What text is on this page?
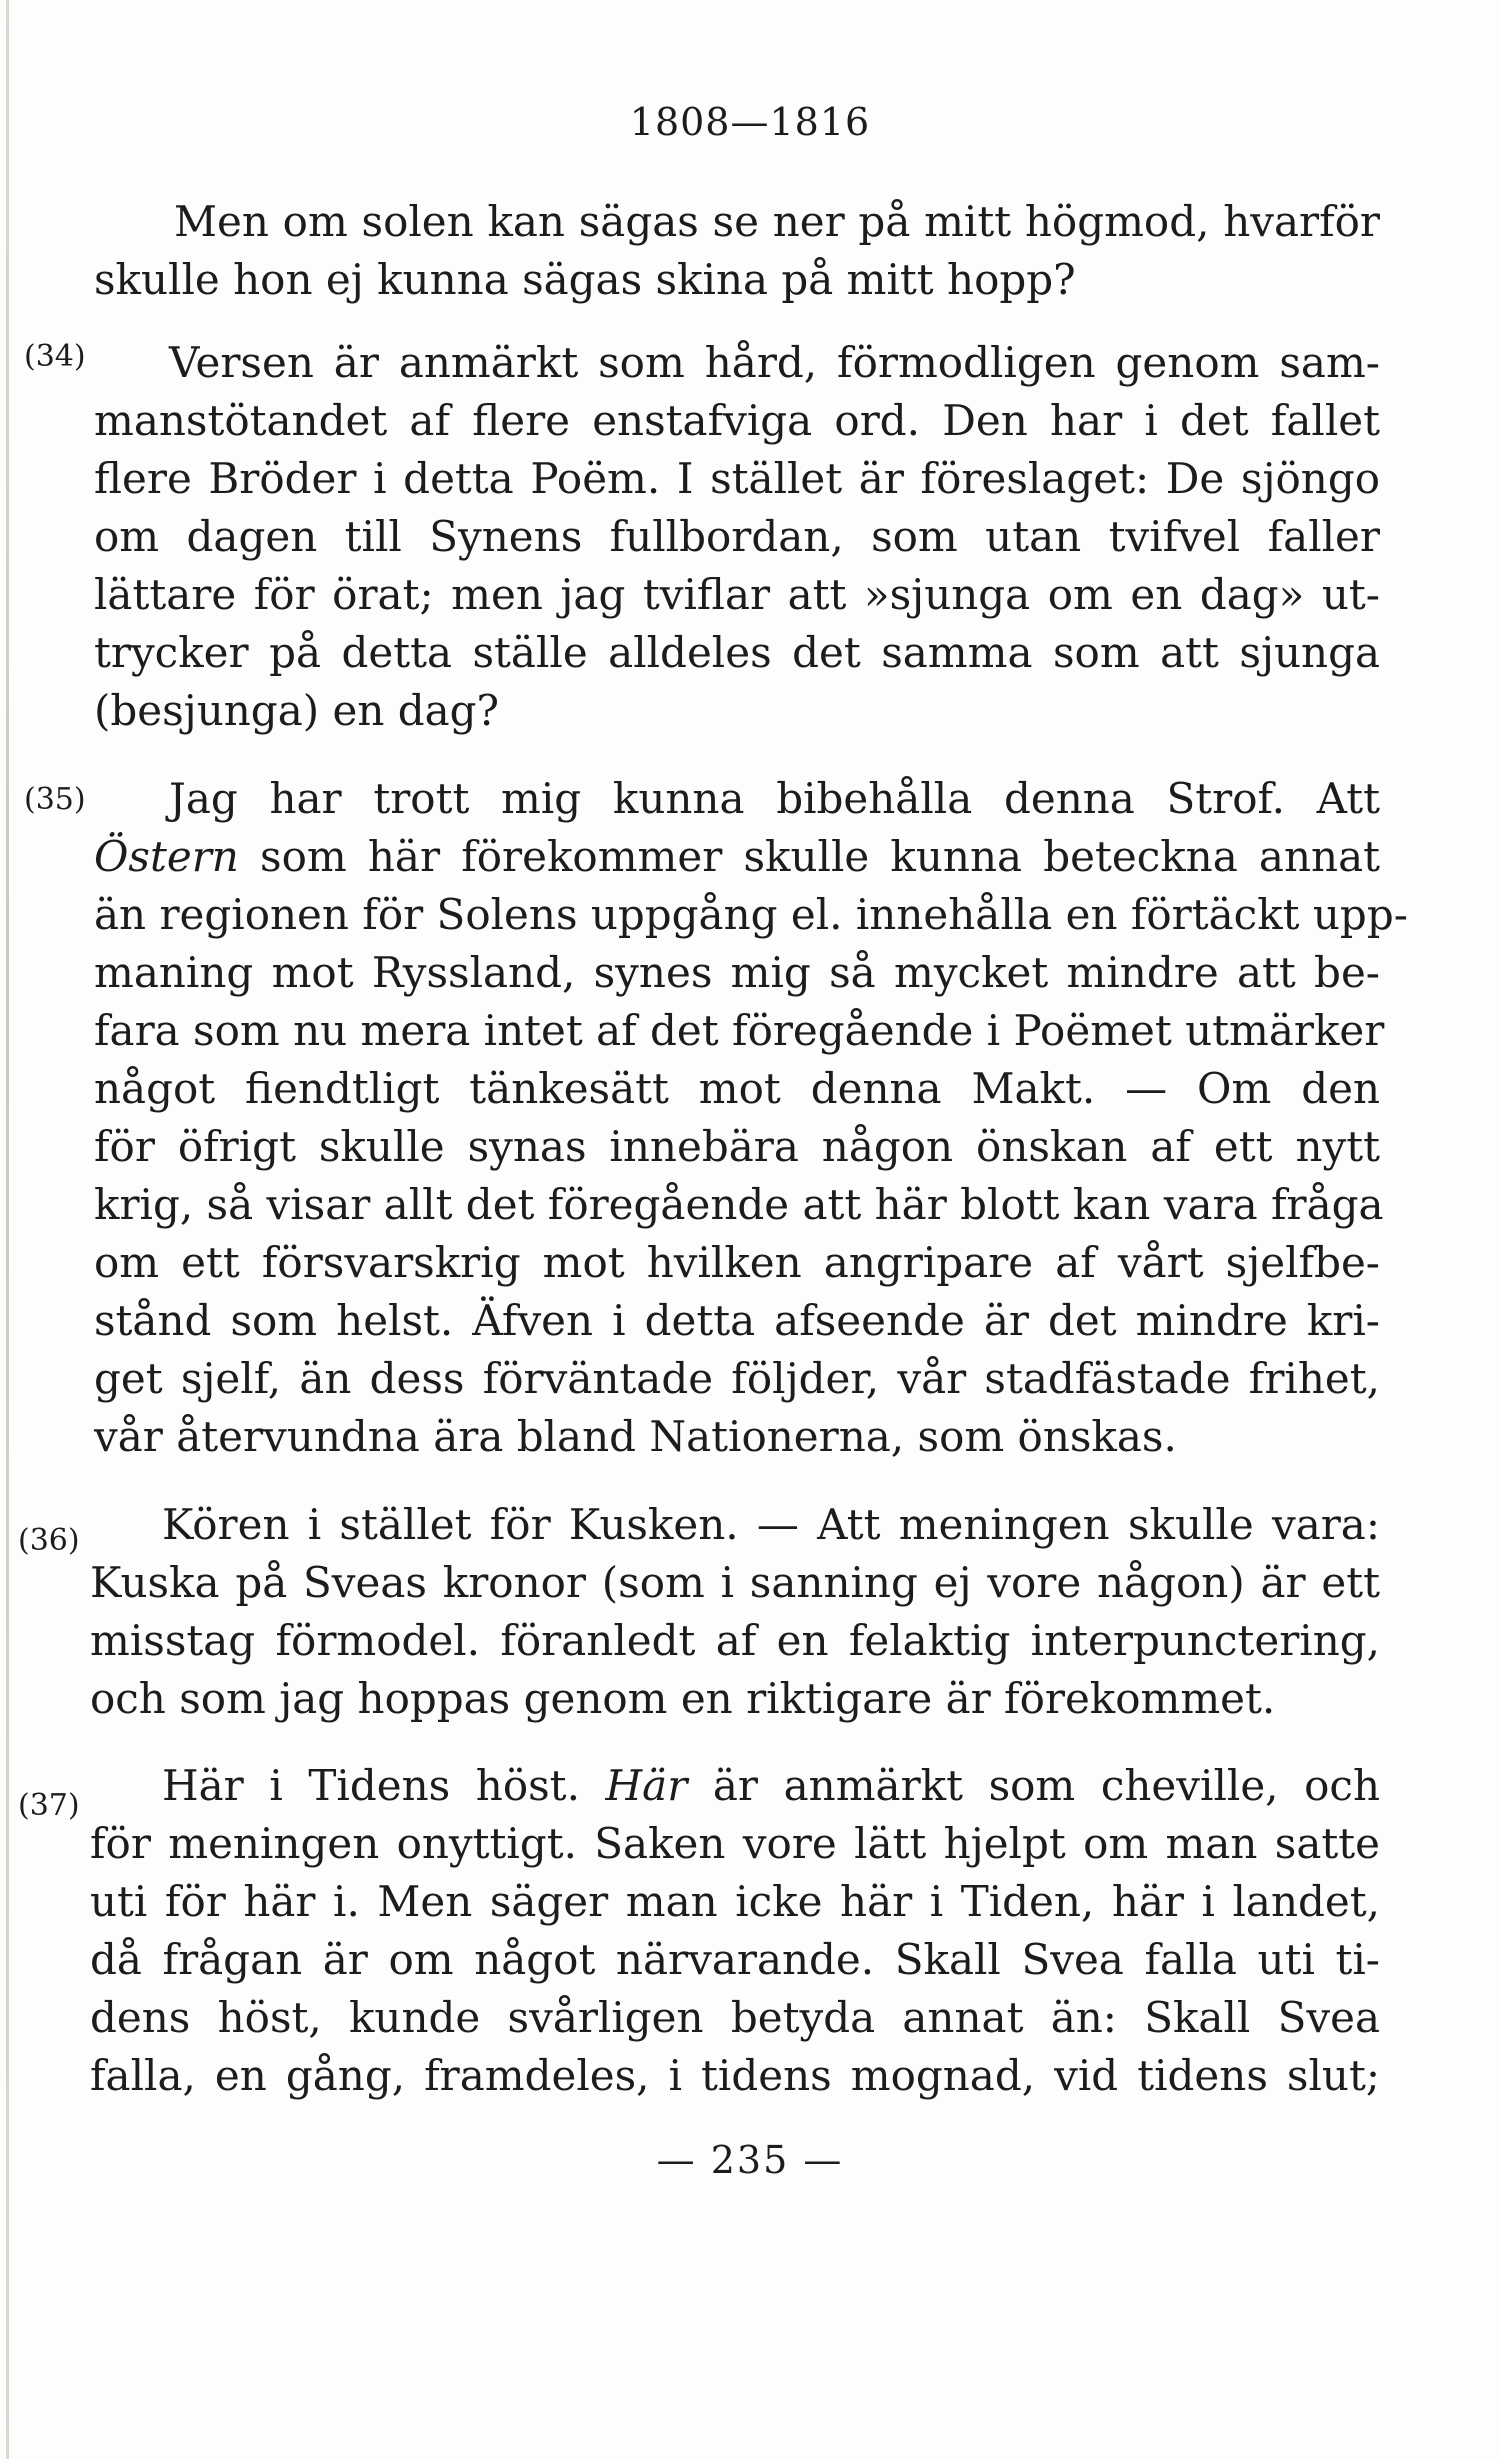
1808—1816
Men om solen kan sägas se ner på mitt högmod, hvarför
skulle hon ej kunna sägas skina på mitt hopp?
(34) Versen är anmärkt som hård, förmodligen genom sam-
manstötandet af flere enstafviga ord. Den har i det fallet
flere Bröder i detta Poëm. I stället är föreslaget: De sjöngo
om dagen till Synens fullbordan, som utan tvifvel faller
lättare för örat; men jag tviflar att »sjunga om en dag» ut-
trycker på detta ställe alldeles det samma som att sjunga
(besjunga) en dag?
(35) Jag har trott mig kunna bibehålla denna Strof. Att
Östern som här förekommer skulle kunna beteckna annat
än regionen för Solens uppgång el. innehålla en förtäckt upp-
maning mot Ryssland, synes mig så mycket mindre att be-
fara som nu mera intet af det föregående i Poëmet utmärker
något fiendtligt tänkesätt mot denna Makt. — Om den
för öfrigt skulle synas innebära någon önskan af ett nytt
krig, så visar allt det föregående att här blott kan vara fråga
om ett försvarskrig mot hvilken angripare af vårt sjelfbe-
stånd som helst. Äfven i detta afseende är det mindre kri-
get sjelf, än dess förväntade följder, vår stadfästade frihet,
vår återvundna ära bland Nationerna, som önskas.
(36) Kören i stället för Kusken. — Att meningen skulle vara:
Kuska på Sveas kronor (som i sanning ej vore någon) är ett
misstag förmodel. föranledt af en felaktig interpunctering,
och som jag hoppas genom en riktigare är förekommet.
(37) Här i Tidens höst. Här är anmärkt som cheville, och
för meningen onyttigt. Saken vore lätt hjelpt om man satte
uti för här i. Men säger man icke här i Tiden, här i landet,
då frågan är om något närvarande. Skall Svea falla uti ti-
dens höst, kunde svårligen betyda annat än: Skall Svea
falla, en gång, framdeles, i tidens mognad, vid tidens slut;
— 235 —
